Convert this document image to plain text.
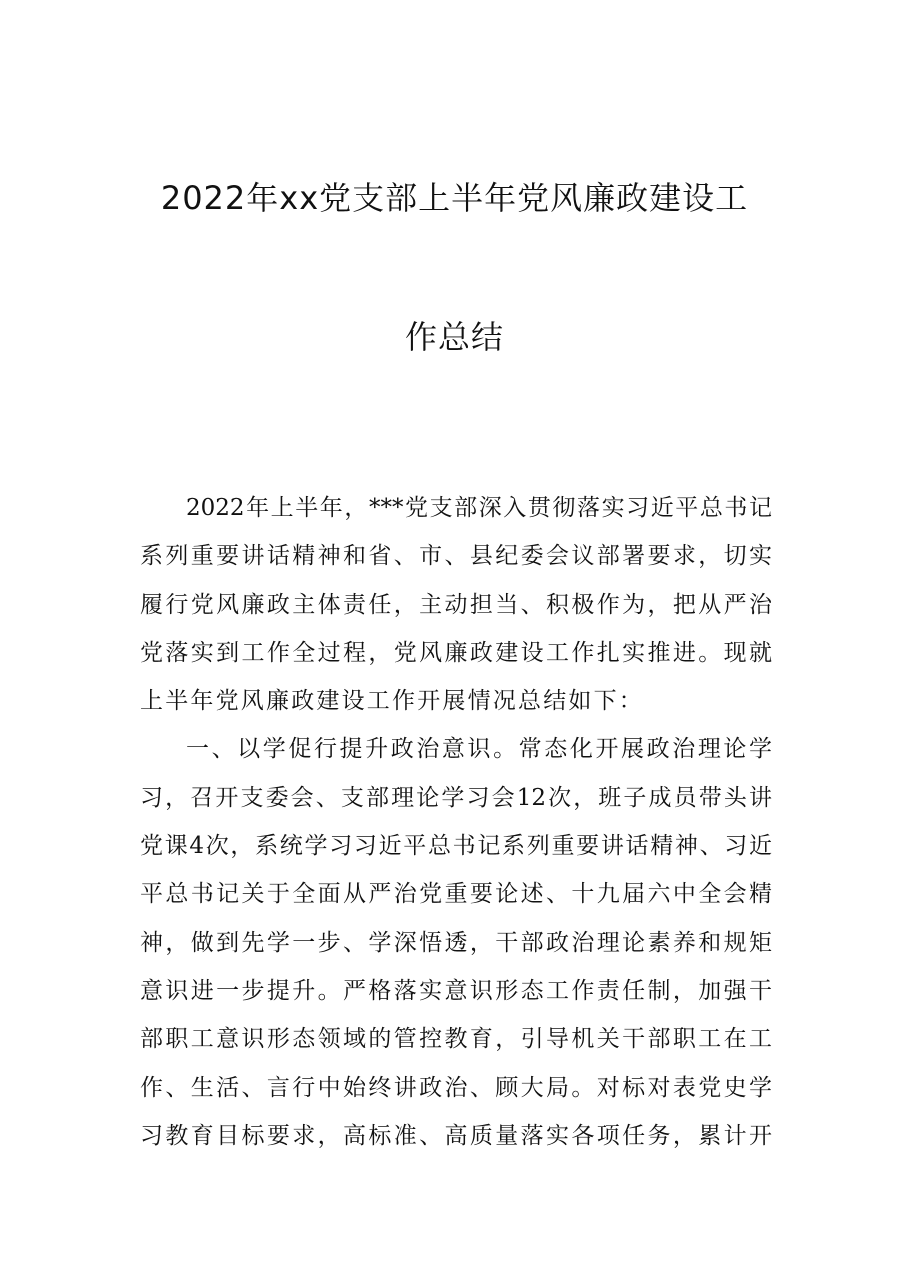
2022年xx党支部上半年党风廉政建设工
作总结
2022年上半年，***党支部深入贯彻落实习近平总书记
系列重要讲话精神和省、市、县纪委会议部署要求，切实
履行党风廉政主体责任，主动担当、积极作为，把从严治
党落实到工作全过程，党风廉政建设工作扎实推进。现就
上半年党风廉政建设工作开展情况总结如下：
一、以学促行提升政治意识。常态化开展政治理论学
习，召开支委会、支部理论学习会12次，班子成员带头讲
党课4次，系统学习习近平总书记系列重要讲话精神、习近
平总书记关于全面从严治党重要论述、十九届六中全会精
神，做到先学一步、学深悟透，干部政治理论素养和规矩
意识进一步提升。严格落实意识形态工作责任制，加强干
部职工意识形态领域的管控教育，引导机关干部职工在工
作、生活、言行中始终讲政治、顾大局。对标对表党史学
习教育目标要求，高标准、高质量落实各项任务，累计开
